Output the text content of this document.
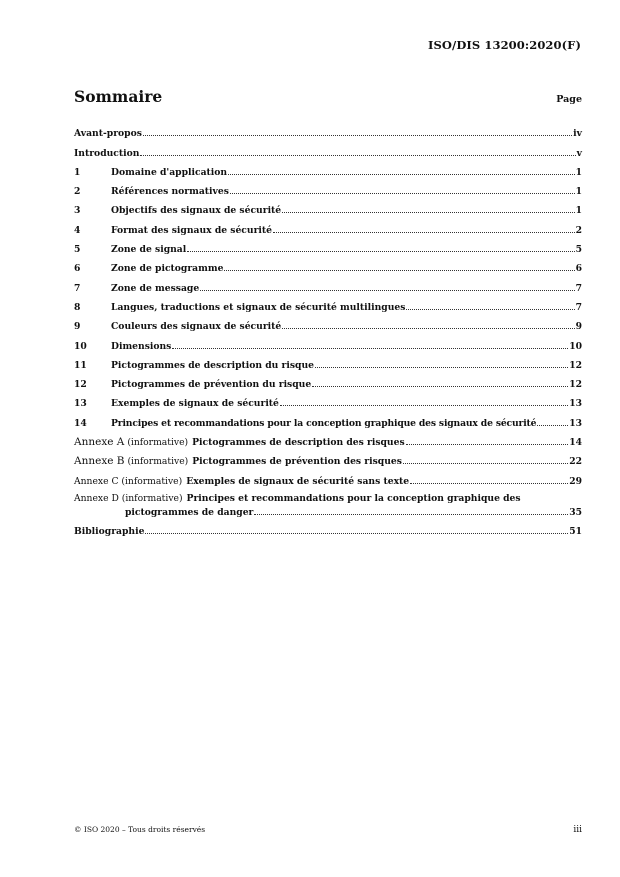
ISO/DIS 13200:2020(F)
Sommaire	Page
Avant-propos	iv
Introduction	v
1	Domaine d'application	1
2	Références normatives	1
3	Objectifs des signaux de sécurité	1
4	Format des signaux de sécurité	2
5	Zone de signal	5
6	Zone de pictogramme	6
7	Zone de message	7
8	Langues, traductions et signaux de sécurité multilingues	7
9	Couleurs des signaux de sécurité	9
10	Dimensions	10
11	Pictogrammes de description du risque	12
12	Pictogrammes de prévention du risque	12
13	Exemples de signaux de sécurité	13
14	Principes et recommandations pour la conception graphique des signaux de sécurité	13
Annexe A (informative) Pictogrammes de description des risques	14
Annexe B (informative) Pictogrammes de prévention des risques	22
Annexe C (informative) Exemples de signaux de sécurité sans texte	29
Annexe D (informative) Principes et recommandations pour la conception graphique des
pictogrammes de danger	35
Bibliographie	51
© ISO 2020 – Tous droits réservés	iii
